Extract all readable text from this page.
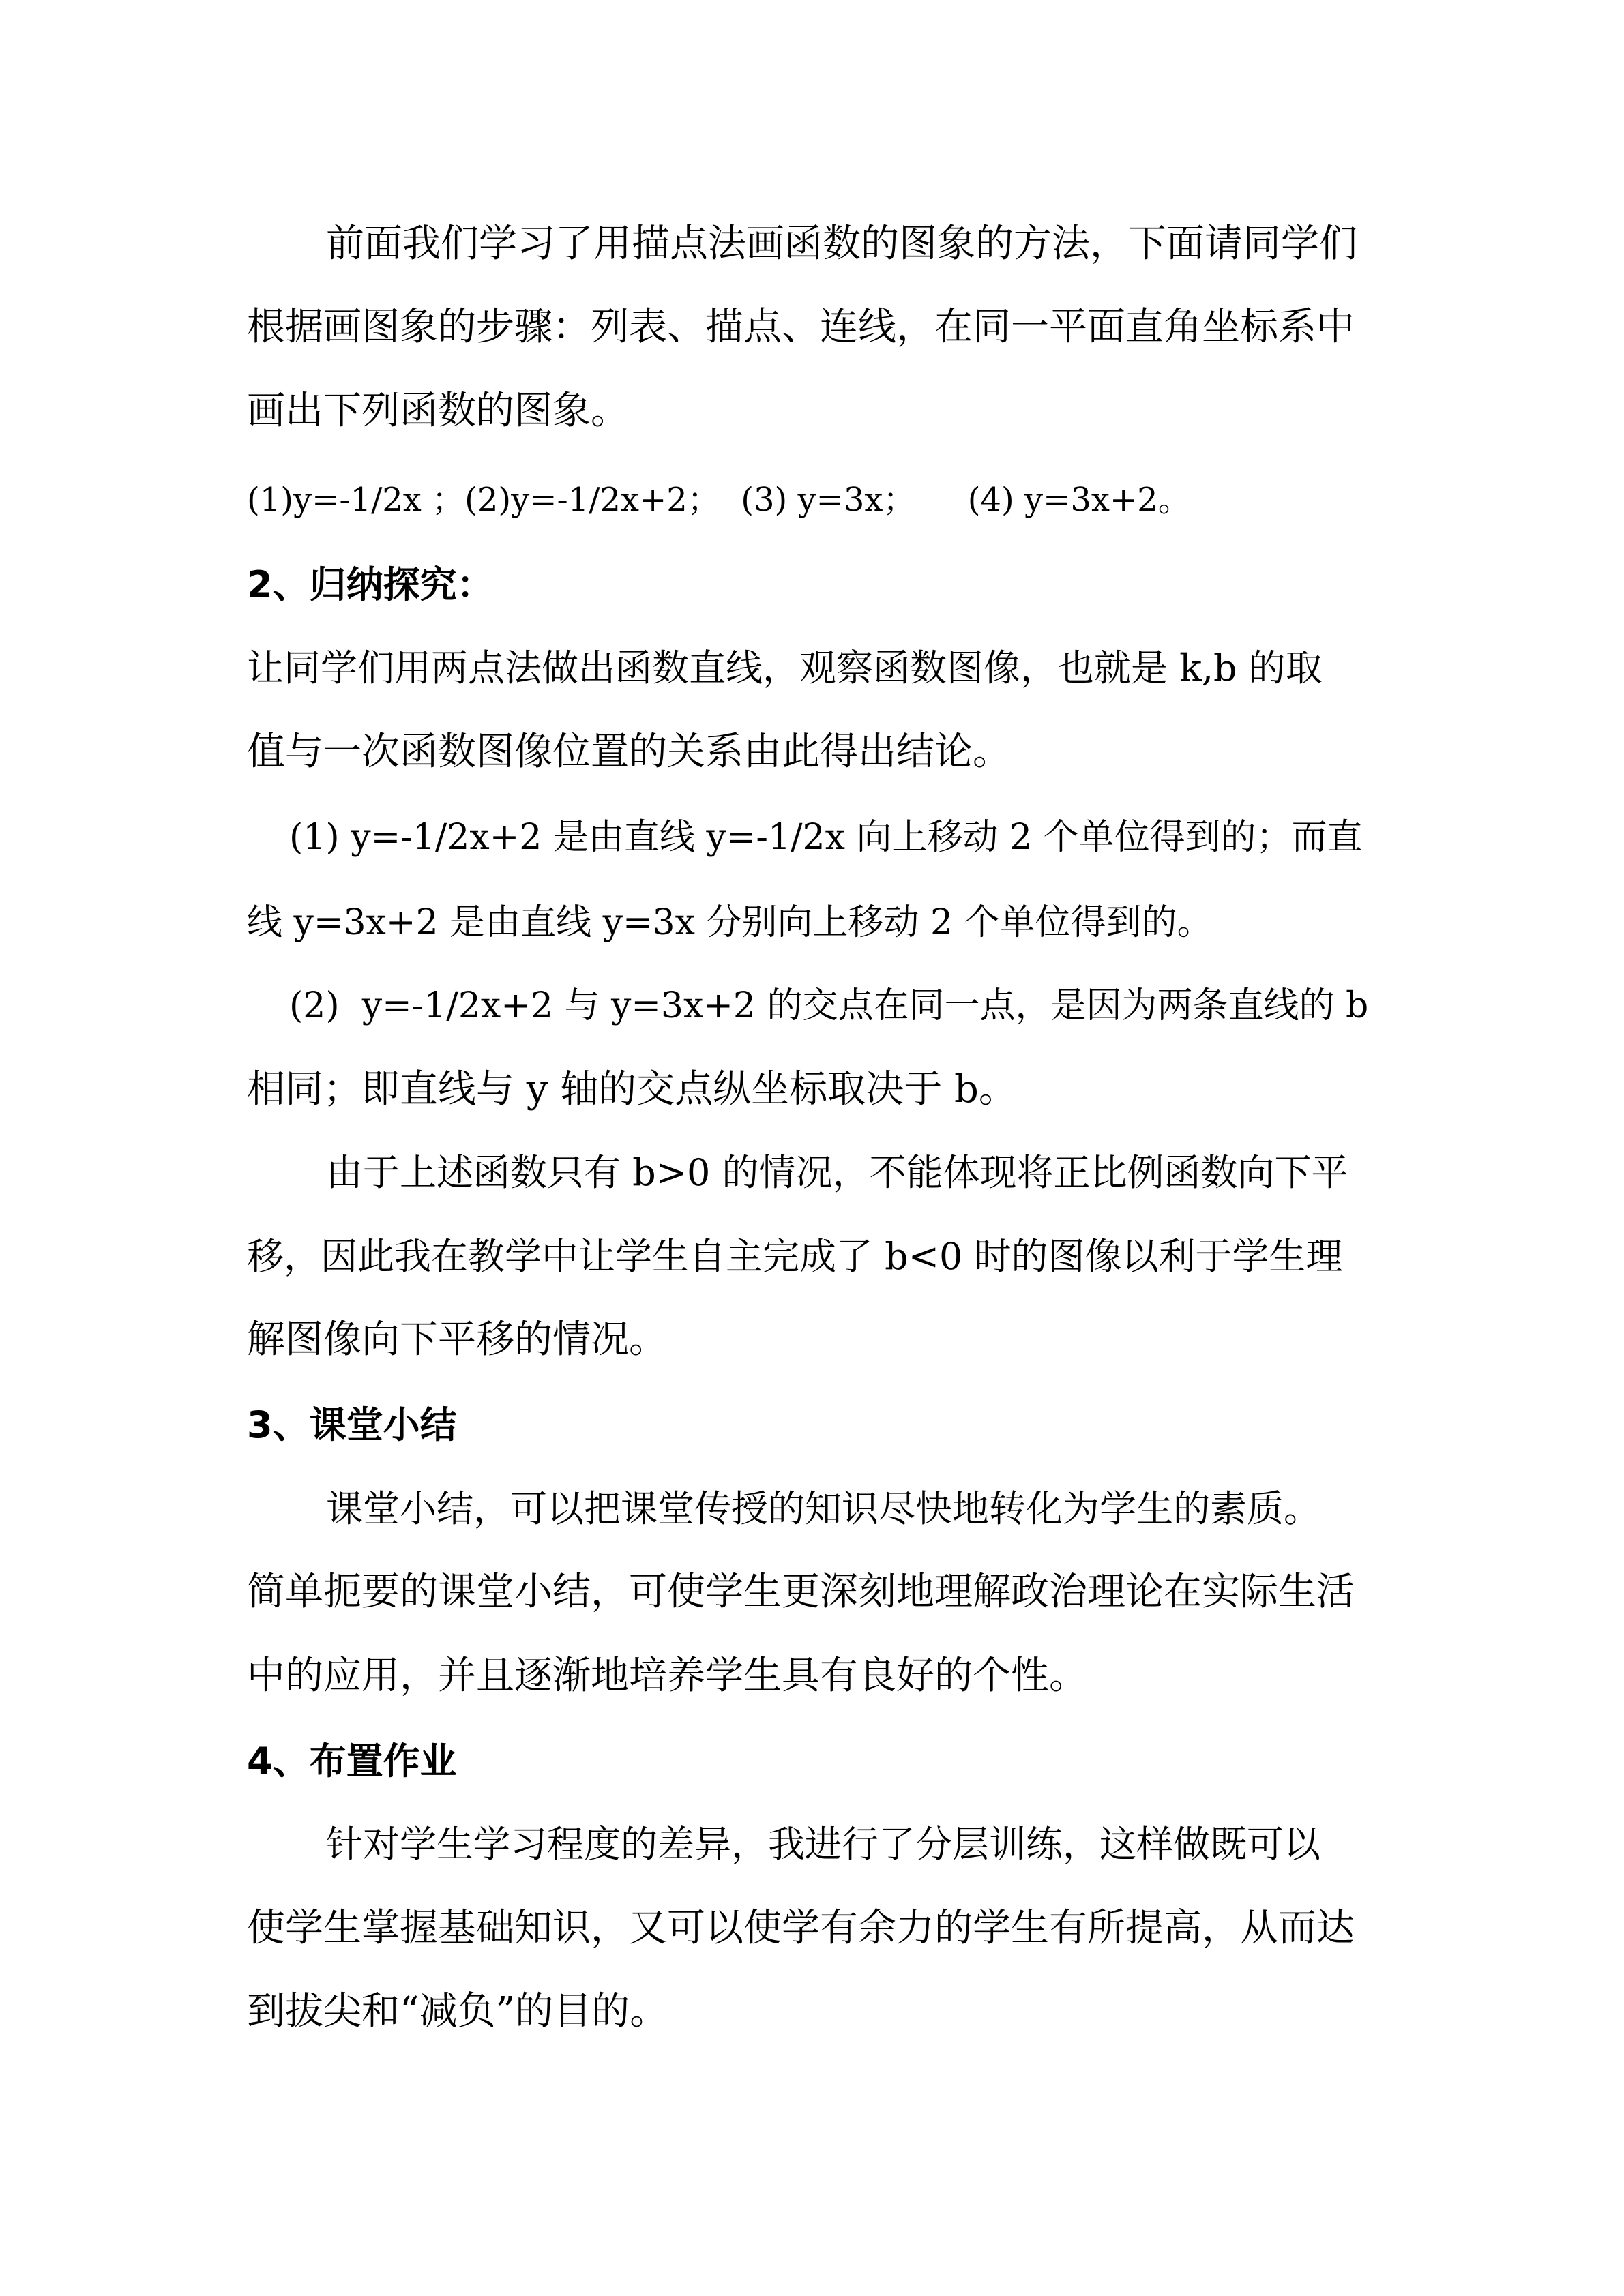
前面我们学习了用描点法画函数的图象的方法，下面请同学们

根据画图象的步骤：列表、描点、连线，在同一平面直角坐标系中

画出下列函数的图象。

(1)y=-1/2x ；(2)y=-1/2x+2；  (3) y=3x；     (4) y=3x+2。

2、归纳探究：

让同学们用两点法做出函数直线，观察函数图像，也就是 k,b 的取

值与一次函数图像位置的关系由此得出结论。

(1) y=-1/2x+2 是由直线 y=-1/2x 向上移动 2 个单位得到的；而直

线 y=3x+2 是由直线 y=3x 分别向上移动 2 个单位得到的。

(2)  y=-1/2x+2 与 y=3x+2 的交点在同一点，是因为两条直线的 b

相同；即直线与 y 轴的交点纵坐标取决于 b。

由于上述函数只有 b>0 的情况，不能体现将正比例函数向下平

移，因此我在教学中让学生自主完成了 b<0 时的图像以利于学生理

解图像向下平移的情况。

3、课堂小结

课堂小结，可以把课堂传授的知识尽快地转化为学生的素质。

简单扼要的课堂小结，可使学生更深刻地理解政治理论在实际生活

中的应用，并且逐渐地培养学生具有良好的个性。

4、布置作业

针对学生学习程度的差异，我进行了分层训练，这样做既可以

使学生掌握基础知识，又可以使学有余力的学生有所提高，从而达

到拔尖和“减负”的目的。
